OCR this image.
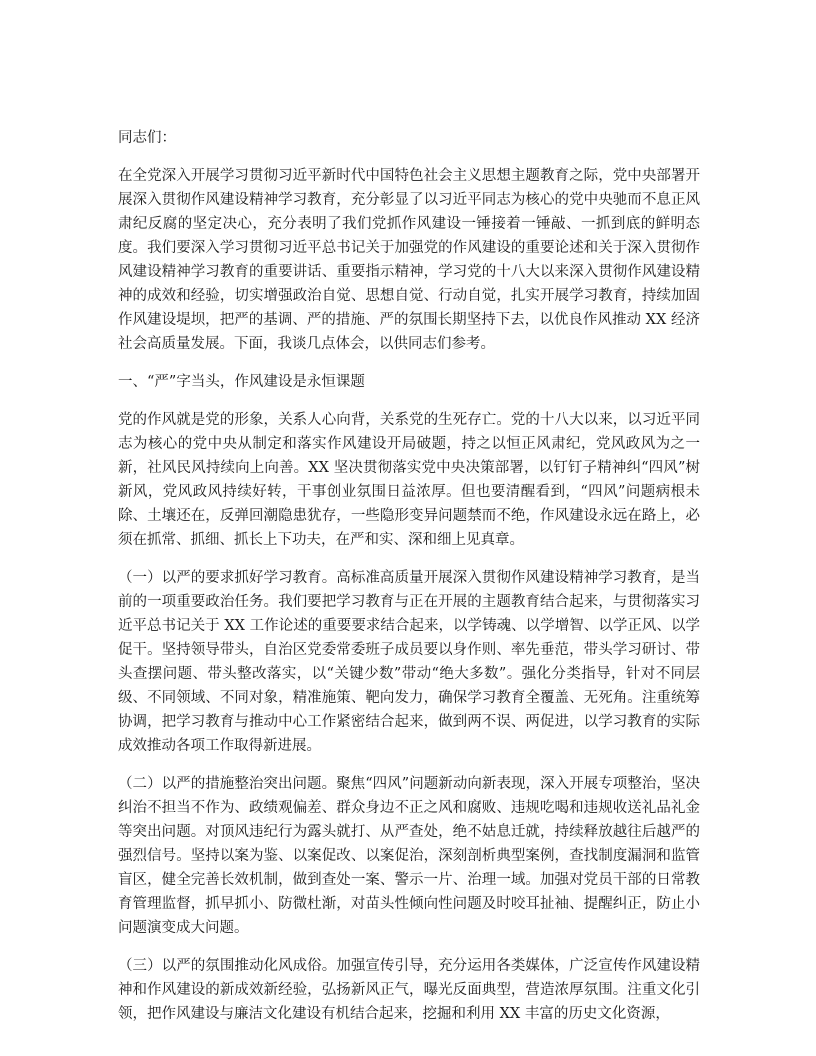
同志们：

在全党深入开展学习贯彻习近平新时代中国特色社会主义思想主题教育之际，党中央部署开展深入贯彻作风建设精神学习教育，充分彰显了以习近平同志为核心的党中央驰而不息正风肃纪反腐的坚定决心，充分表明了我们党抓作风建设一锤接着一锤敲、一抓到底的鲜明态度。我们要深入学习贯彻习近平总书记关于加强党的作风建设的重要论述和关于深入贯彻作风建设精神学习教育的重要讲话、重要指示精神，学习党的十八大以来深入贯彻作风建设精神的成效和经验，切实增强政治自觉、思想自觉、行动自觉，扎实开展学习教育，持续加固作风建设堤坝，把严的基调、严的措施、严的氛围长期坚持下去，以优良作风推动 XX 经济社会高质量发展。下面，我谈几点体会，以供同志们参考。

一、“严”字当头，作风建设是永恒课题

党的作风就是党的形象，关系人心向背，关系党的生死存亡。党的十八大以来，以习近平同志为核心的党中央从制定和落实作风建设开局破题，持之以恒正风肃纪，党风政风为之一新，社风民风持续向上向善。XX 坚决贯彻落实党中央决策部署，以钉钉子精神纠“四风”树新风，党风政风持续好转，干事创业氛围日益浓厚。但也要清醒看到，“四风”问题病根未除、土壤还在，反弹回潮隐患犹存，一些隐形变异问题禁而不绝，作风建设永远在路上，必须在抓常、抓细、抓长上下功夫，在严和实、深和细上见真章。

（一）以严的要求抓好学习教育。高标准高质量开展深入贯彻作风建设精神学习教育，是当前的一项重要政治任务。我们要把学习教育与正在开展的主题教育结合起来，与贯彻落实习近平总书记关于 XX 工作论述的重要要求结合起来，以学铸魂、以学增智、以学正风、以学促干。坚持领导带头，自治区党委常委班子成员要以身作则、率先垂范，带头学习研讨、带头查摆问题、带头整改落实，以“关键少数”带动“绝大多数”。强化分类指导，针对不同层级、不同领域、不同对象，精准施策、靶向发力，确保学习教育全覆盖、无死角。注重统筹协调，把学习教育与推动中心工作紧密结合起来，做到两不误、两促进，以学习教育的实际成效推动各项工作取得新进展。

（二）以严的措施整治突出问题。聚焦“四风”问题新动向新表现，深入开展专项整治，坚决纠治不担当不作为、政绩观偏差、群众身边不正之风和腐败、违规吃喝和违规收送礼品礼金等突出问题。对顶风违纪行为露头就打、从严查处，绝不姑息迁就，持续释放越往后越严的强烈信号。坚持以案为鉴、以案促改、以案促治，深刻剖析典型案例，查找制度漏洞和监管盲区，健全完善长效机制，做到查处一案、警示一片、治理一域。加强对党员干部的日常教育管理监督，抓早抓小、防微杜渐，对苗头性倾向性问题及时咬耳扯袖、提醒纠正，防止小问题演变成大问题。

（三）以严的氛围推动化风成俗。加强宣传引导，充分运用各类媒体，广泛宣传作风建设精神和作风建设的新成效新经验，弘扬新风正气，曝光反面典型，营造浓厚氛围。注重文化引领，把作风建设与廉洁文化建设有机结合起来，挖掘和利用 XX 丰富的历史文化资源，
